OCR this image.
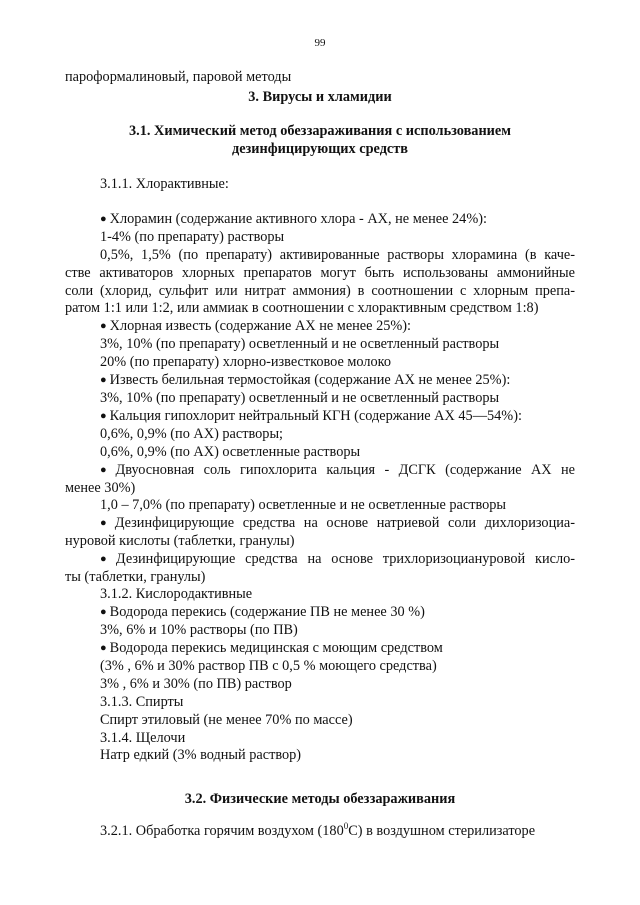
99
пароформалиновый, паровой методы
3. Вирусы и хламидии
3.1. Химический метод обеззараживания с использованием
дезинфицирующих средств
3.1.1. Хлорактивные:
● Хлорамин (содержание активного хлора - АХ, не менее 24%):
1-4% (по препарату) растворы
0,5%, 1,5% (по препарату) активированные растворы хлорамина (в каче-
стве активаторов хлорных препаратов могут быть использованы аммонийные
соли (хлорид, сульфит или нитрат аммония) в соотношении с хлорным препа-
ратом 1:1 или 1:2, или аммиак в соотношении с хлорактивным средством 1:8)
● Хлорная известь (содержание АХ не менее 25%):
3%, 10% (по препарату) осветленный и не осветленный растворы
20% (по препарату) хлорно-известковое молоко
● Известь белильная термостойкая (содержание АХ не менее 25%):
3%, 10% (по препарату) осветленный и не осветленный растворы
● Кальция гипохлорит нейтральный КГН (содержание АХ 45—54%):
0,6%, 0,9% (по АХ) растворы;
0,6%, 0,9% (по АХ) осветленные растворы
● Двуосновная соль гипохлорита кальция - ДСГК (содержание АХ не
менее 30%)
1,0 – 7,0% (по препарату) осветленные и не осветленные растворы
● Дезинфицирующие средства на основе натриевой соли дихлоризоциа-
нуровой кислоты (таблетки, гранулы)
● Дезинфицирующие средства на основе трихлоризоциануровой кисло-
ты (таблетки, гранулы)
3.1.2. Кислородактивные
● Водорода перекись (содержание ПВ не менее 30 %)
3%, 6% и 10% растворы (по ПВ)
● Водорода перекись медицинская с моющим средством
(3% , 6% и 30% раствор ПВ с 0,5 % моющего средства)
3% , 6% и 30% (по ПВ) раствор
3.1.3. Спирты
Спирт этиловый (не менее 70% по массе)
3.1.4. Щелочи
Натр едкий (3% водный раствор)
3.2. Физические методы обеззараживания
3.2.1. Обработка горячим воздухом $(180^0C)$ в воздушном стерилизаторе
